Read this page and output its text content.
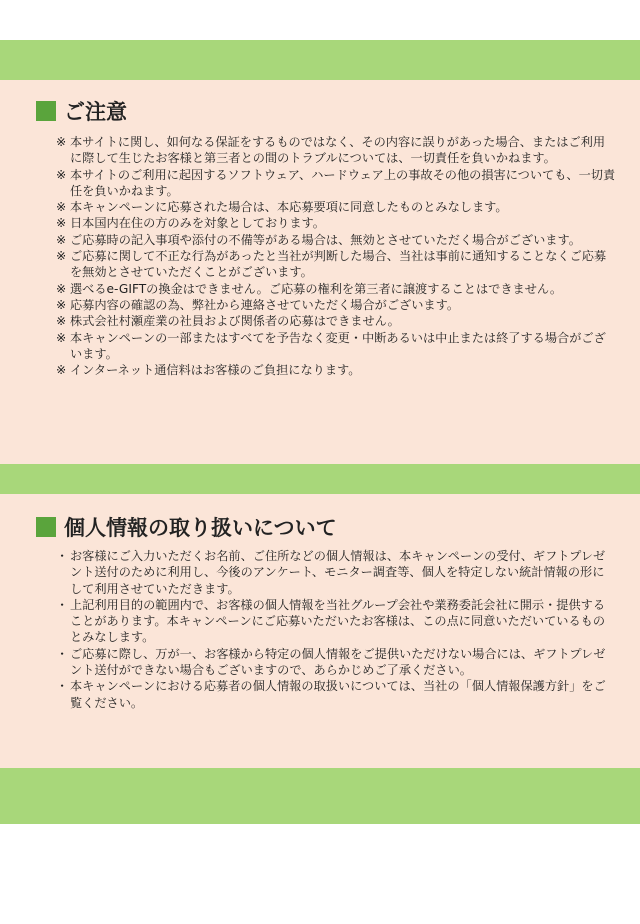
ご注意
※ 本サイトに関し、如何なる保証をするものではなく、その内容に誤りがあった場合、またはご利用に際して生じたお客様と第三者との間のトラブルについては、一切責任を負いかねます。
※ 本サイトのご利用に起因するソフトウェア、ハードウェア上の事故その他の損害についても、一切責任を負いかねます。
※ 本キャンペーンに応募された場合は、本応募要項に同意したものとみなします。
※ 日本国内在住の方のみを対象としております。
※ ご応募時の記入事項や添付の不備等がある場合は、無効とさせていただく場合がございます。
※ ご応募に関して不正な行為があったと当社が判断した場合、当社は事前に通知することなくご応募を無効とさせていただくことがございます。
※ 選べるe-GIFTの換金はできません。ご応募の権利を第三者に譲渡することはできません。
※ 応募内容の確認の為、弊社から連絡させていただく場合がございます。
※ 株式会社村瀬産業の社員および関係者の応募はできません。
※ 本キャンペーンの一部またはすべてを予告なく変更・中断あるいは中止または終了する場合がございます。
※ インターネット通信料はお客様のご負担になります。
個人情報の取り扱いについて
・ お客様にご入力いただくお名前、ご住所などの個人情報は、本キャンペーンの受付、ギフトプレゼント送付のために利用し、今後のアンケート、モニター調査等、個人を特定しない統計情報の形にして利用させていただきます。
・ 上記利用目的の範囲内で、お客様の個人情報を当社グループ会社や業務委託会社に開示・提供することがあります。本キャンペーンにご応募いただいたお客様は、この点に同意いただいているものとみなします。
・ ご応募に際し、万が一、お客様から特定の個人情報をご提供いただけない場合には、ギフトプレゼント送付ができない場合もございますので、あらかじめご了承ください。
・ 本キャンペーンにおける応募者の個人情報の取扱いについては、当社の「個人情報保護方針」をご覧ください。
